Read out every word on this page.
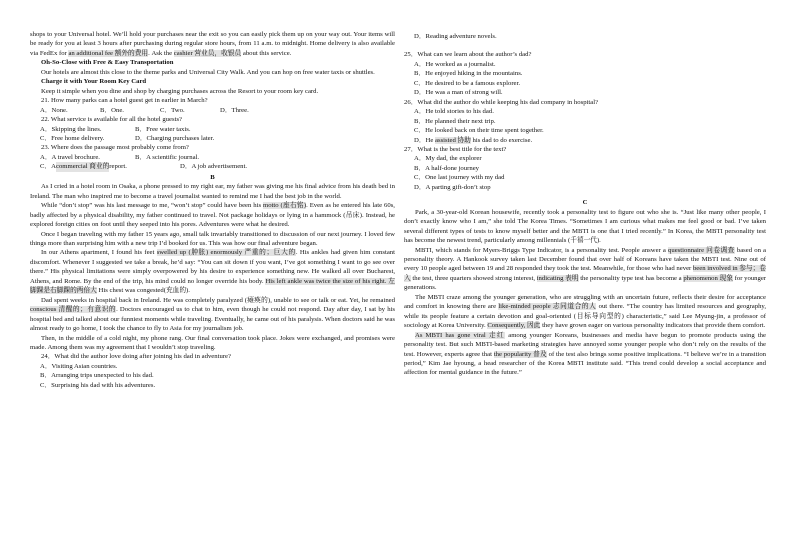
shops to your Universal hotel. We’ll hold your purchases near the exit so you can easily pick them up on your way out. Your items will be ready for you at least 3 hours after purchasing during regular store hours, from 11 a.m. to midnight. Home delivery is also available via FedEx for an additional fee 额外的费用. Ask the cashier 营业员，收银员 about this service.

Oh-So-Close with Free & Easy Transportation

Our hotels are almost this close to the theme parks and Universal City Walk. And you can hop on free water taxis or shuttles.

Charge it with Your Room Key Card

Keep it simple when you dine and shop by charging purchases across the Resort to your room key card.

21. How many parks can a hotel guest get in earlier in March?

A．None.	B．One.	C．Two.	D．Three.

22. What service is available for all the hotel guests?

A．Skipping the lines.	B．Free water taxis.
C．Free home delivery.	D．Charging purchases later.

23. Where does the passage most probably come from?

A．A travel brochure.	B．A scientific journal.
C．Acommercial 商业的report.	D．A job advertisement.

B

As I cried in a hotel room in Osaka, a phone pressed to my right ear, my father was giving me his final advice from his death bed in Ireland. The man who inspired me to become a travel journalist wanted to remind me I had the best job in the world.

While “don’t stop” was his last message to me, “won’t stop” could have been his motto (座右铭). Even as he entered his late 60s, badly affected by a physical disability, my father continued to travel. Not package holidays or lying in a hammock (吊床). Instead, he explored foreign cities on foot until they seeped into his pores. Adventures were what he desired.

Once I began traveling with my father 15 years ago, small talk invariably transitioned to discussion of our next journey. I loved few things more than surprising him with a new trip I’d booked for us. This was how our final adventure began.

In our Athens apartment, I found his feet swelled up (肿胀) enormously 严重的；巨大的. His ankles had given him constant discomfort. Whenever I suggested we take a break, he’d say: “You can sit down if you want, I’ve got something I want to go see over there.” His physical limitations were simply overpowered by his desire to experience something new. He walked all over Bucharest, Athens, and Rome. By the end of the trip, his mind could no longer override his body. His left ankle was twice the size of his right. 左脚踝是右脚踝的两倍大 His chest was congested(充血的).

Dad spent weeks in hospital back in Ireland. He was completely paralyzed (瘫痪的), unable to see or talk or eat. Yet, he remained conscious 清醒的；有意识的. Doctors encouraged us to chat to him, even though he could not respond. Day after day, I sat by his hospital bed and talked about our funniest moments while traveling. Eventually, he came out of his paralysis. When doctors said he was almost ready to go home, I took the chance to fly to Asia for my journalism job.

Then, in the middle of a cold night, my phone rang. Our final conversation took place. Jokes were exchanged, and promises were made. Among them was my agreement that I wouldn’t stop traveling.

24．What did the author love doing after joining his dad in adventure?

A．Visiting Asian countries.

B．Arranging trips unexpected to his dad.

C．Surprising his dad with his adventures.

D．Reading adventure novels.

25．What can we learn about the author’s dad?

A．He worked as a journalist.

B．He enjoyed hiking in the mountains.

C．He desired to be a famous explorer.

D．He was a man of strong will.

26．What did the author do while keeping his dad company in hospital?

A．He told stories to his dad.

B．He planned their next trip.

C．He looked back on their time spent together.

D．He assisted 协助 his dad to do exercise.

27．What is the best title for the text?

A．My dad, the explorer

B．A half-done journey

C．One last journey with my dad

D．A parting gift-don’t stop

C

Park, a 30-year-old Korean housewife, recently took a personality test to figure out who she is. “Just like many other people, I don’t exactly know who I am,” she told The Korea Times. “Sometimes I am curious what makes me feel good or bad. I’ve taken several different types of tests to know myself better and the MBTI is one that I tried recently.” In Korea, the MBTI personality test has become the newest trend, particularly among millennials (千禧一代).

MBTI, which stands for Myers-Briggs Type Indicator, is a personality test. People answer a questionnaire 问卷调查 based on a personality theory. A Hankook survey taken last December found that over half of Koreans have taken the MBTI test. Nine out of every 10 people aged between 19 and 28 responded they took the test. Meanwhile, for those who had never been involved in 参与；卷入 the test, three quarters showed strong interest, indicating 表明 the personality type test has become a phenomenon 现象 for younger generations.

The MBTI craze among the younger generation, who are struggling with an uncertain future, reflects their desire for acceptance and comfort in knowing there are like-minded people 志同道合的人 out there. “The country has limited resources and geography, while its people feature a certain devotion and goal-oriented (目标导向型的) characteristic,” said Lee Myung-jin, a professor of sociology at Korea University. Consequently, 因此 they have grown eager on various personality indicators that provide them comfort.

As MBTI has gone viral 走红 among younger Koreans, businesses and media have begun to promote products using the personality test. But such MBTI-based marketing strategies have annoyed some younger people who don’t rely on the results of the test. However, experts agree that the popularity 普及 of the test also brings some positive implications. “I believe we’re in a transition period,” Kim Jae hyoung, a head researcher of the Korea MBTI institute said. “This trend could develop a social acceptance and affection for mental guidance in the future.”
